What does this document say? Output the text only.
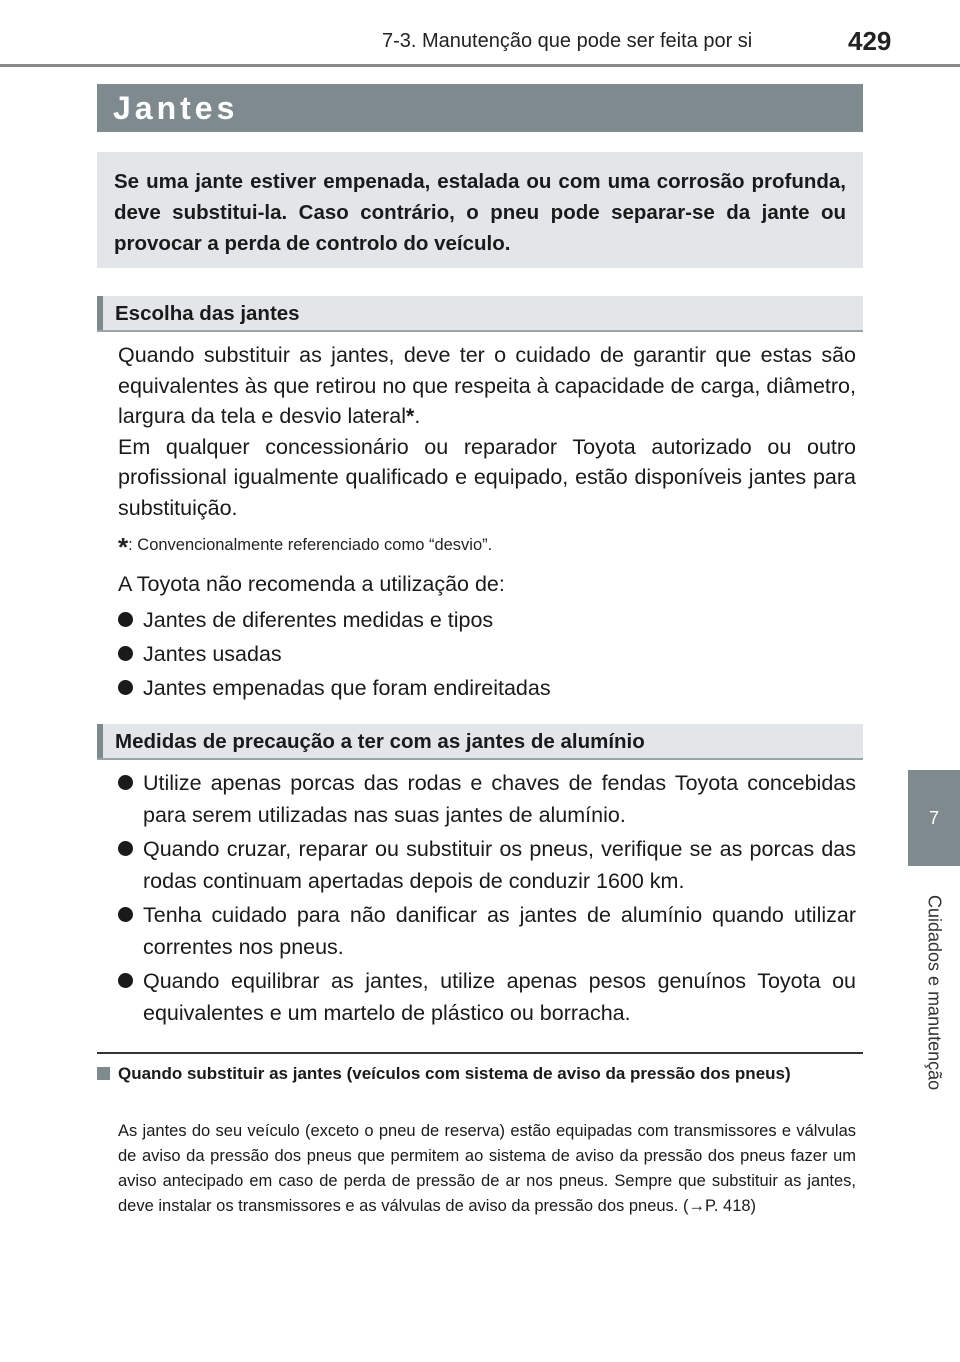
7-3. Manutenção que pode ser feita por si	429
7
Cuidados e manutenção
Jantes
Se uma jante estiver empenada, estalada ou com uma corrosão profunda, deve substitui-la. Caso contrário, o pneu pode separar-se da jante ou provocar a perda de controlo do veículo.
Escolha das jantes

Quando substituir as jantes, deve ter o cuidado de garantir que estas são equivalentes às que retirou no que respeita à capacidade de carga, diâmetro, largura da tela e desvio lateral*.

Em qualquer concessionário ou reparador Toyota autorizado ou outro profissional igualmente qualificado e equipado, estão disponíveis jantes para substituição.

*: Convencionalmente referenciado como “desvio”.
A Toyota não recomenda a utilização de:
Jantes de diferentes medidas e tipos
Jantes usadas
Jantes empenadas que foram endireitadas
Medidas de precaução a ter com as jantes de alumínio
Utilize apenas porcas das rodas e chaves de fendas Toyota concebidas para serem utilizadas nas suas jantes de alumínio.
Quando cruzar, reparar ou substituir os pneus, verifique se as porcas das rodas continuam apertadas depois de conduzir 1600 km.
Tenha cuidado para não danificar as jantes de alumínio quando utilizar correntes nos pneus.
Quando equilibrar as jantes, utilize apenas pesos genuínos Toyota ou equivalentes e um martelo de plástico ou borracha.
Quando substituir as jantes (veículos com sistema de aviso da pressão dos pneus)
As jantes do seu veículo (exceto o pneu de reserva) estão equipadas com transmissores e válvulas de aviso da pressão dos pneus que permitem ao sistema de aviso da pressão dos pneus fazer um aviso antecipado em caso de perda de pressão de ar nos pneus. Sempre que substituir as jantes, deve instalar os transmissores e as válvulas de aviso da pressão dos pneus. (→P. 418)
